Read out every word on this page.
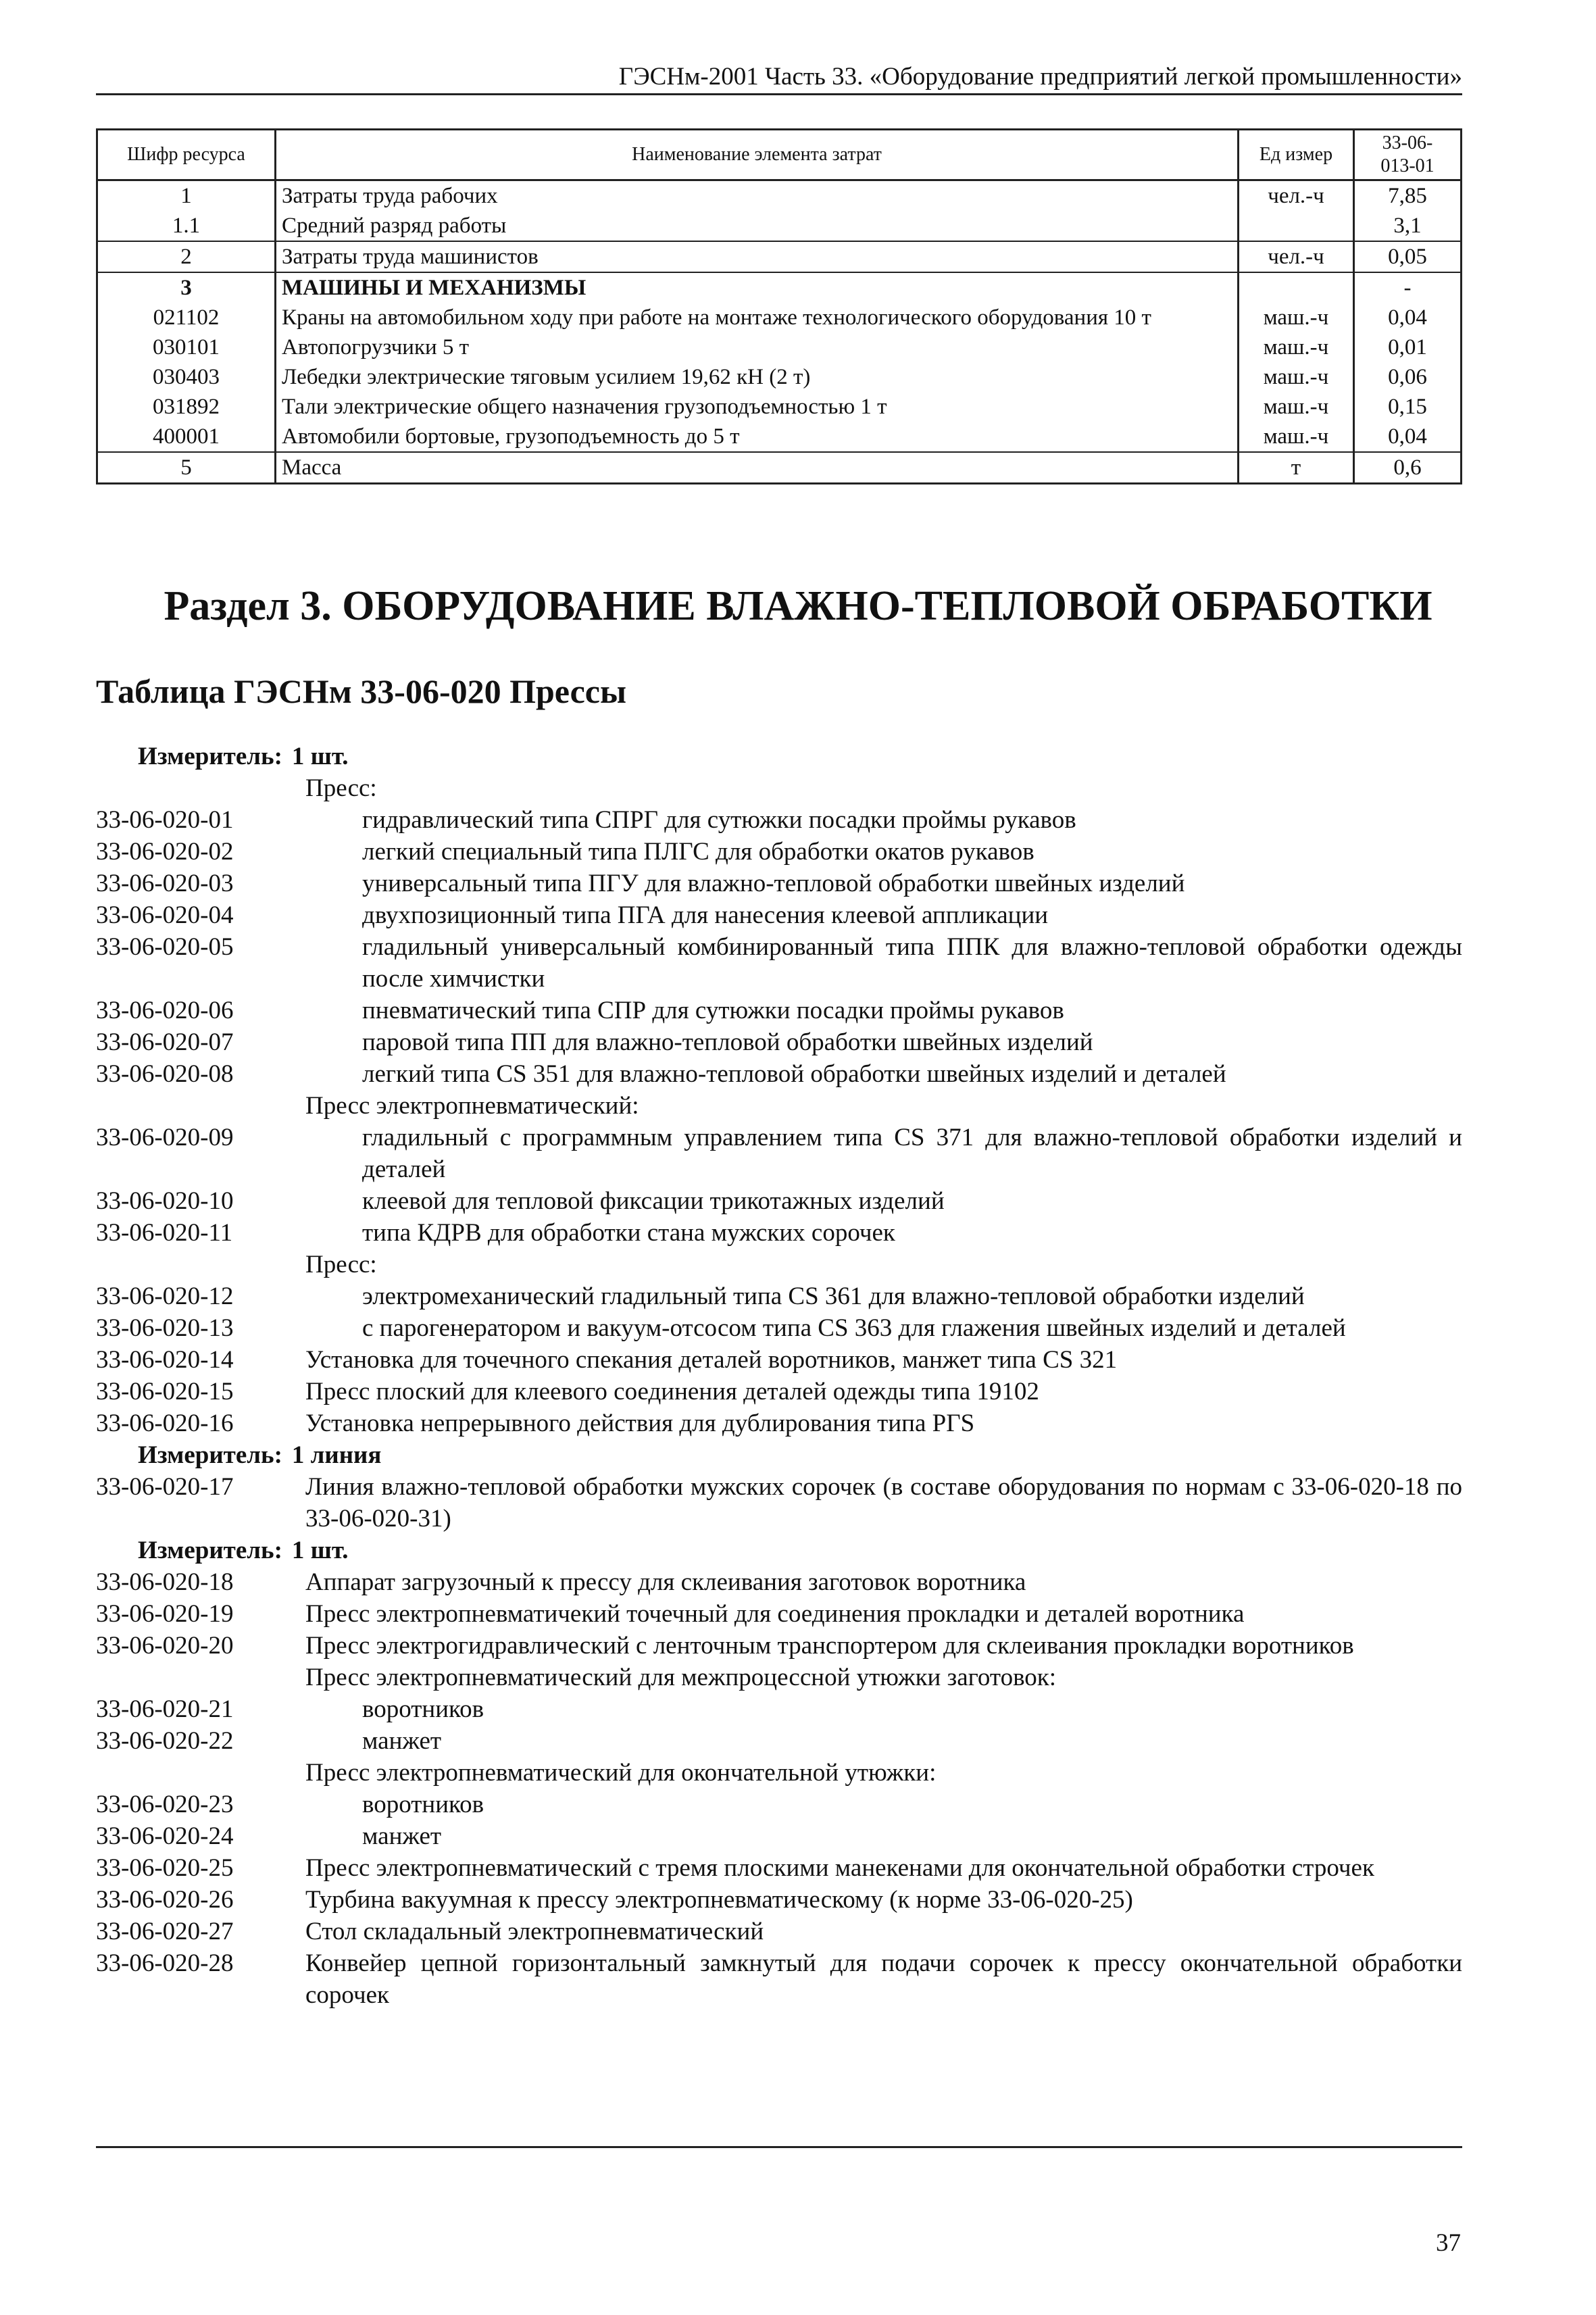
ГЭСНм-2001 Часть 33. «Оборудование предприятий легкой промышленности»
Шифр ресурса	Наименование элемента затрат	Ед измер	33-06-
013-01

1	Затраты труда рабочих	чел.-ч	7,85
1.1	Средний разряд работы		3,1
2	Затраты труда машинистов	чел.-ч	0,05
3	МАШИНЫ И МЕХАНИЗМЫ		-
021102	Краны на автомобильном ходу при работе на монтаже технологического оборудования 10 т	маш.-ч	0,04
030101	Автопогрузчики 5 т	маш.-ч	0,01
030403	Лебедки электрические тяговым усилием 19,62 кН (2 т)	маш.-ч	0,06
031892	Тали электрические общего назначения грузоподъемностью 1 т	маш.-ч	0,15
400001	Автомобили бортовые, грузоподъемность до 5 т	маш.-ч	0,04
5	Масса	т	0,6
Раздел 3. ОБОРУДОВАНИЕ ВЛАЖНО-ТЕПЛОВОЙ ОБРАБОТКИ
Таблица ГЭСНм 33-06-020 Прессы
Измеритель: 1 шт.
Пресс:
33-06-020-01	гидравлический типа СПРГ для сутюжки посадки проймы рукавов
33-06-020-02	легкий специальный типа ПЛГС для обработки окатов рукавов
33-06-020-03	универсальный типа ПГУ для влажно-тепловой обработки швейных изделий
33-06-020-04	двухпозиционный типа ПГА для нанесения клеевой аппликации
33-06-020-05	гладильный универсальный комбинированный типа ППК для влажно-тепловой обработки одежды после химчистки
33-06-020-06	пневматический типа СПР для сутюжки посадки проймы рукавов
33-06-020-07	паровой типа ПП для влажно-тепловой обработки швейных изделий
33-06-020-08	легкий типа CS 351 для влажно-тепловой обработки швейных изделий и деталей
Пресс электропневматический:
33-06-020-09	гладильный с программным управлением типа CS 371 для влажно-тепловой обработки изделий и деталей
33-06-020-10	клеевой для тепловой фиксации трикотажных изделий
33-06-020-11	типа КДРВ для обработки стана мужских сорочек
Пресс:
33-06-020-12	электромеханический гладильный типа CS 361 для влажно-тепловой обработки изделий
33-06-020-13	с парогенератором и вакуум-отсосом типа CS 363 для глажения швейных изделий и деталей
33-06-020-14	Установка для точечного спекания деталей воротников, манжет типа CS 321
33-06-020-15	Пресс плоский для клеевого соединения деталей одежды типа 19102
33-06-020-16	Установка непрерывного действия для дублирования типа РГS
Измеритель: 1 линия
33-06-020-17	Линия влажно-тепловой обработки мужских сорочек (в составе оборудования по нормам с 33-06-020-18 по 33-06-020-31)
Измеритель: 1 шт.
33-06-020-18	Аппарат загрузочный к прессу для склеивания заготовок воротника
33-06-020-19	Пресс электропневматичекий точечный для соединения прокладки и деталей воротника
33-06-020-20	Пресс электрогидравлический с ленточным транспортером для склеивания прокладки воротников
Пресс электропневматический для межпроцессной утюжки заготовок:
33-06-020-21	воротников
33-06-020-22	манжет
Пресс электропневматический для окончательной утюжки:
33-06-020-23	воротников
33-06-020-24	манжет
33-06-020-25	Пресс электропневматический с тремя плоскими манекенами для окончательной обработки строчек
33-06-020-26	Турбина вакуумная к прессу электропневматическому (к норме 33-06-020-25)
33-06-020-27	Стол складальный электропневматический
33-06-020-28	Конвейер цепной горизонтальный замкнутый для подачи сорочек к прессу окончательной обработки сорочек
37
